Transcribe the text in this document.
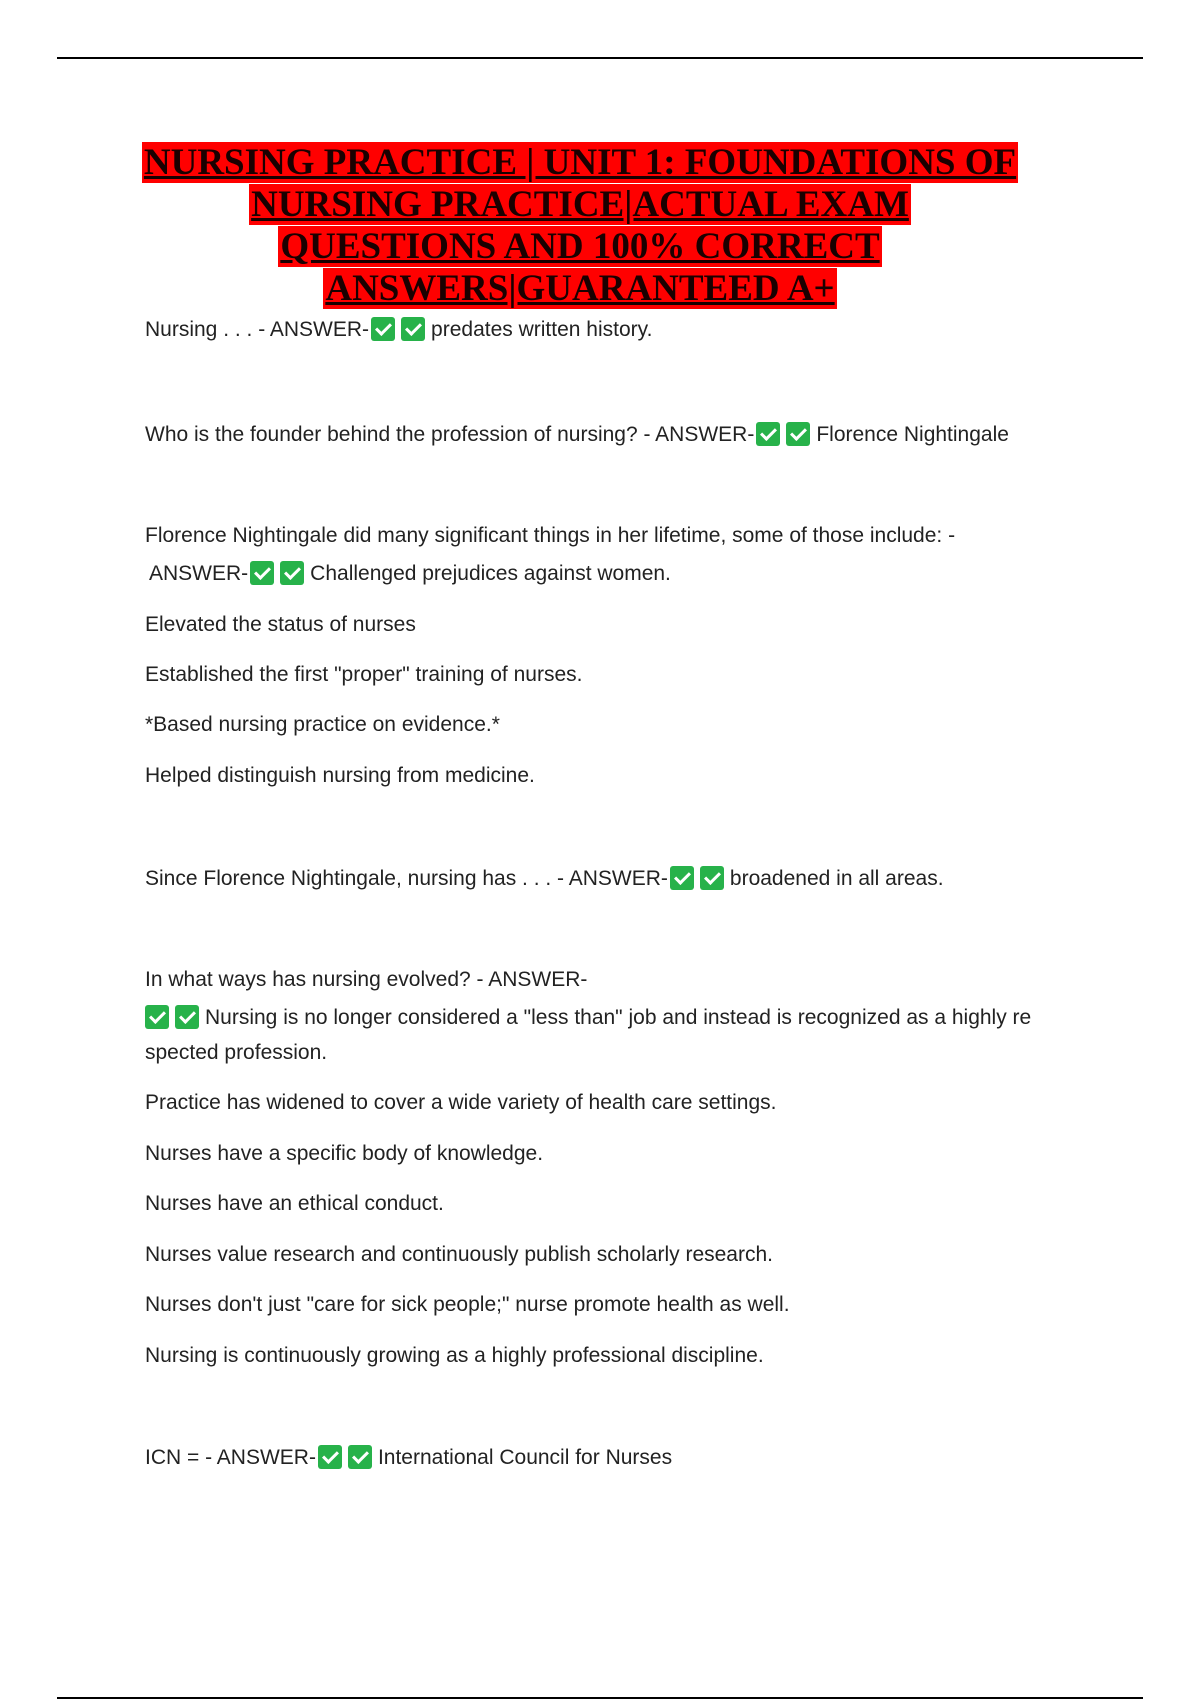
NURSING PRACTICE | UNIT 1: FOUNDATIONS OF
NURSING PRACTICE|ACTUAL EXAM
QUESTIONS AND 100% CORRECT
ANSWERS|GUARANTEED A+
Nursing . . . - ANSWER-	predates written history.
Who is the founder behind the profession of nursing? - ANSWER-	Florence Nightingale
Florence Nightingale did many significant things in her lifetime, some of those include: -
ANSWER-	Challenged prejudices against women.
Elevated the status of nurses
Established the first "proper" training of nurses.
*Based nursing practice on evidence.*
Helped distinguish nursing from medicine.
Since Florence Nightingale, nursing has . . . - ANSWER-	broadened in all areas.
In what ways has nursing evolved? - ANSWER-
Nursing is no longer considered a "less than" job and instead is recognized as a highly re
spected profession.
Practice has widened to cover a wide variety of health care settings.
Nurses have a specific body of knowledge.
Nurses have an ethical conduct.
Nurses value research and continuously publish scholarly research.
Nurses don't just "care for sick people;" nurse promote health as well.
Nursing is continuously growing as a highly professional discipline.
ICN = - ANSWER-	International Council for Nurses
